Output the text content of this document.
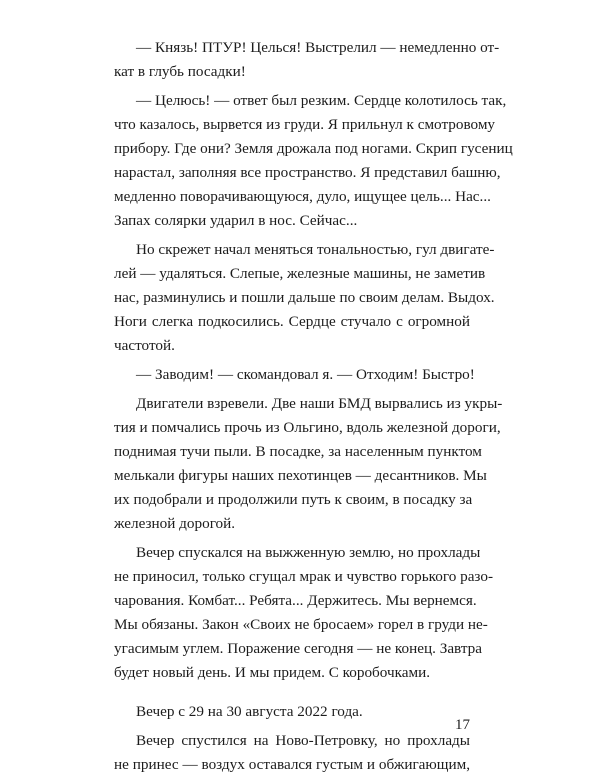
— Князь! ПТУР! Целься! Выстрелил — немедленно от-
кат в глубь посадки!
— Целюсь! — ответ был резким. Сердце колотилось так,
что казалось, вырвется из груди. Я прильнул к смотровому
прибору. Где они? Земля дрожала под ногами. Скрип гусениц
нарастал, заполняя все пространство. Я представил башню,
медленно поворачивающуюся, дуло, ищущее цель... Нас...
Запах солярки ударил в нос. Сейчас...
Но скрежет начал меняться тональностью, гул двигате-
лей — удаляться. Слепые, железные машины, не заметив
нас, разминулись и пошли дальше по своим делам. Выдох.
Ноги слегка подкосились. Сердце стучало с огромной
частотой.
— Заводим! — скомандовал я. — Отходим! Быстро!
Двигатели взревели. Две наши БМД вырвались из укры-
тия и помчались прочь из Ольгино, вдоль железной дороги,
поднимая тучи пыли. В посадке, за населенным пунктом
мелькали фигуры наших пехотинцев — десантников. Мы
их подобрали и продолжили путь к своим, в посадку за
железной дорогой.
Вечер спускался на выжженную землю, но прохлады
не приносил, только сгущал мрак и чувство горького разо-
чарования. Комбат... Ребята... Держитесь. Мы вернемся.
Мы обязаны. Закон «Своих не бросаем» горел в груди не-
угасимым углем. Поражение сегодня — не конец. Завтра
будет новый день. И мы придем. С коробочками.
Вечер с 29 на 30 августа 2022 года.
Вечер спустился на Ново-Петровку, но прохлады
не принес — воздух оставался густым и обжигающим,
17
